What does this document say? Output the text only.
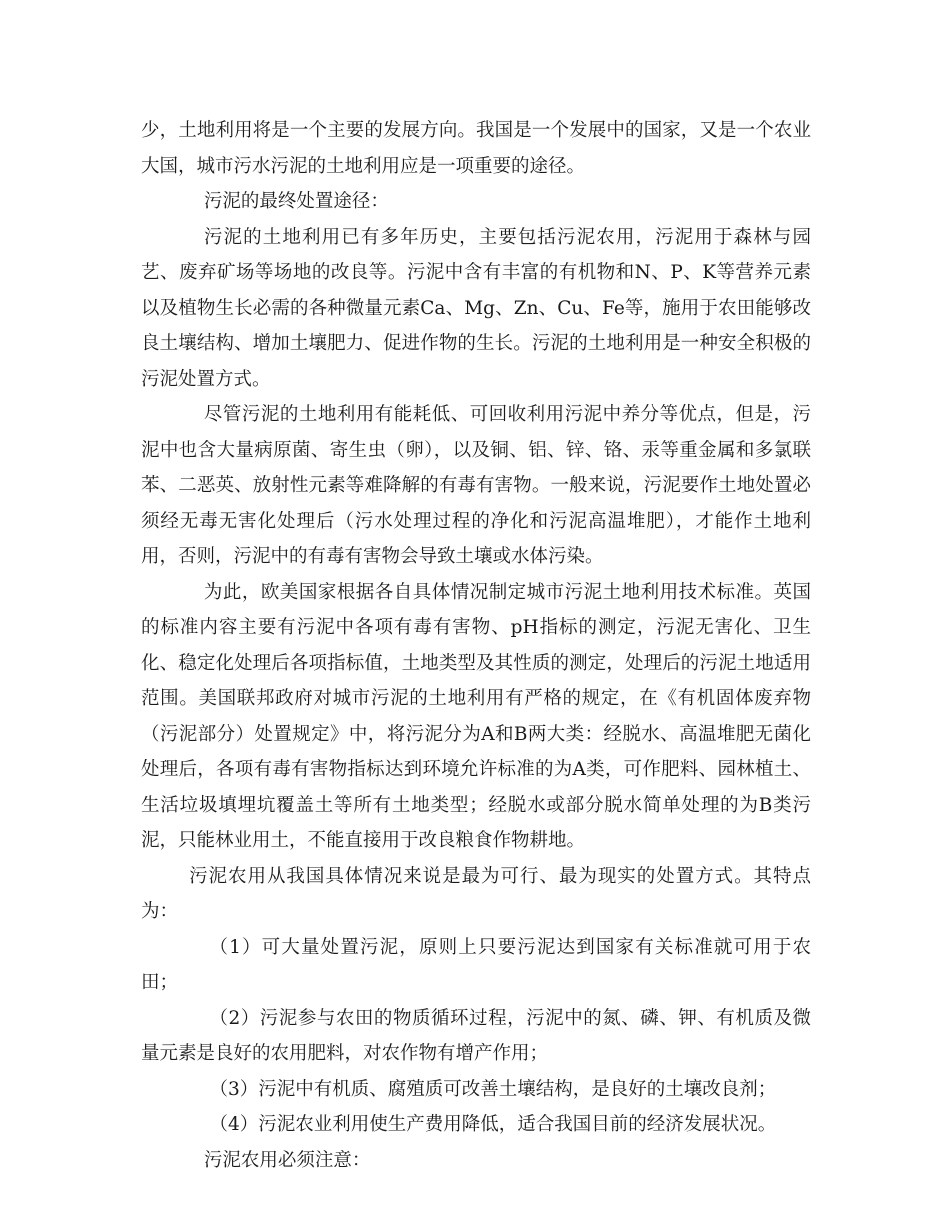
少，土地利用将是一个主要的发展方向。我国是一个发展中的国家，又是一个农业大国，城市污水污泥的土地利用应是一项重要的途径。

污泥的最终处置途径：

污泥的土地利用已有多年历史，主要包括污泥农用，污泥用于森林与园艺、废弃矿场等场地的改良等。污泥中含有丰富的有机物和N、P、K等营养元素以及植物生长必需的各种微量元素Ca、Mg、Zn、Cu、Fe等，施用于农田能够改良土壤结构、增加土壤肥力、促进作物的生长。污泥的土地利用是一种安全积极的污泥处置方式。

尽管污泥的土地利用有能耗低、可回收利用污泥中养分等优点，但是，污泥中也含大量病原菌、寄生虫（卵），以及铜、铝、锌、铬、汞等重金属和多氯联苯、二恶英、放射性元素等难降解的有毒有害物。一般来说，污泥要作土地处置必须经无毒无害化处理后（污水处理过程的净化和污泥高温堆肥），才能作土地利用，否则，污泥中的有毒有害物会导致土壤或水体污染。

为此，欧美国家根据各自具体情况制定城市污泥土地利用技术标准。英国的标准内容主要有污泥中各项有毒有害物、pH指标的测定，污泥无害化、卫生化、稳定化处理后各项指标值，土地类型及其性质的测定，处理后的污泥土地适用范围。美国联邦政府对城市污泥的土地利用有严格的规定，在《有机固体废弃物（污泥部分）处置规定》中，将污泥分为A和B两大类：经脱水、高温堆肥无菌化处理后，各项有毒有害物指标达到环境允许标准的为A类，可作肥料、园林植土、生活垃圾填埋坑覆盖土等所有土地类型；经脱水或部分脱水简单处理的为B类污泥，只能林业用土，不能直接用于改良粮食作物耕地。

污泥农用从我国具体情况来说是最为可行、最为现实的处置方式。其特点为：

（1）可大量处置污泥，原则上只要污泥达到国家有关标准就可用于农田；

（2）污泥参与农田的物质循环过程，污泥中的氮、磷、钾、有机质及微量元素是良好的农用肥料，对农作物有增产作用；

（3）污泥中有机质、腐殖质可改善土壤结构，是良好的土壤改良剂；

（4）污泥农业利用使生产费用降低，适合我国目前的经济发展状况。

污泥农用必须注意：
